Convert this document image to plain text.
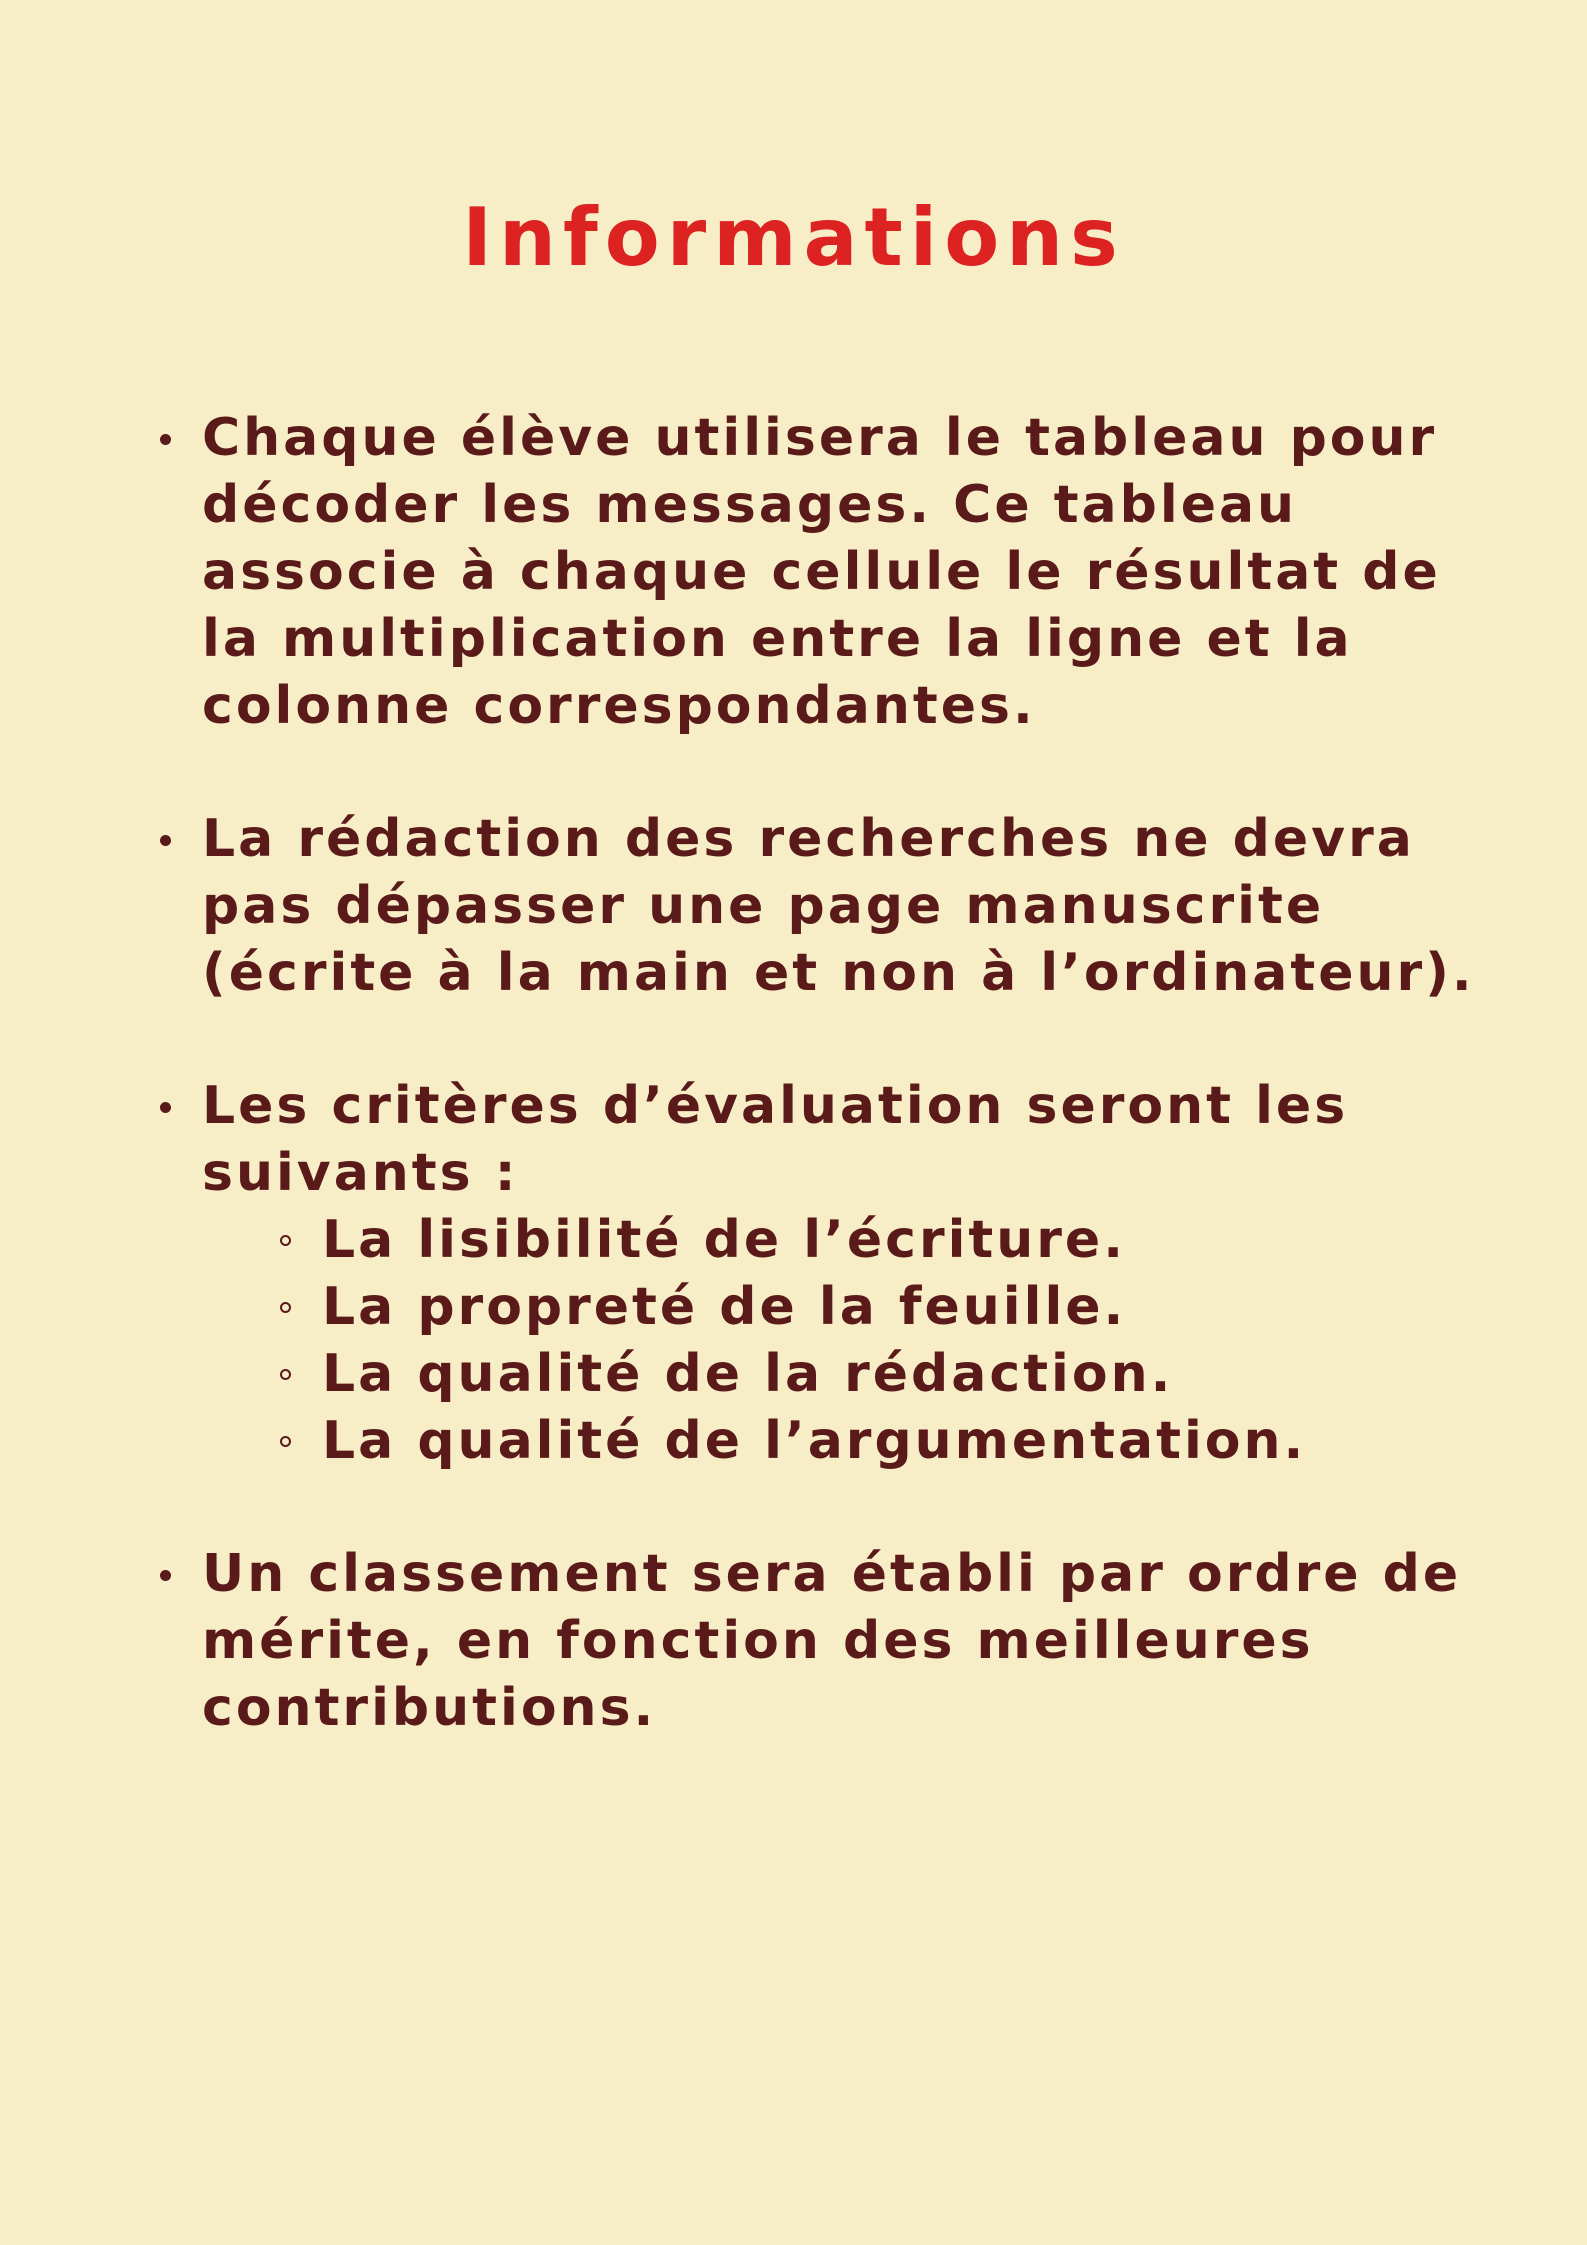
Informations
Chaque élève utilisera le tableau pour décoder les messages. Ce tableau associe à chaque cellule le résultat de la multiplication entre la ligne et la colonne correspondantes.
La rédaction des recherches ne devra pas dépasser une page manuscrite (écrite à la main et non à l’ordinateur).
Les critères d’évaluation seront les suivants :
La lisibilité de l’écriture.
La propreté de la feuille.
La qualité de la rédaction.
La qualité de l’argumentation.
Un classement sera établi par ordre de mérite, en fonction des meilleures contributions.
